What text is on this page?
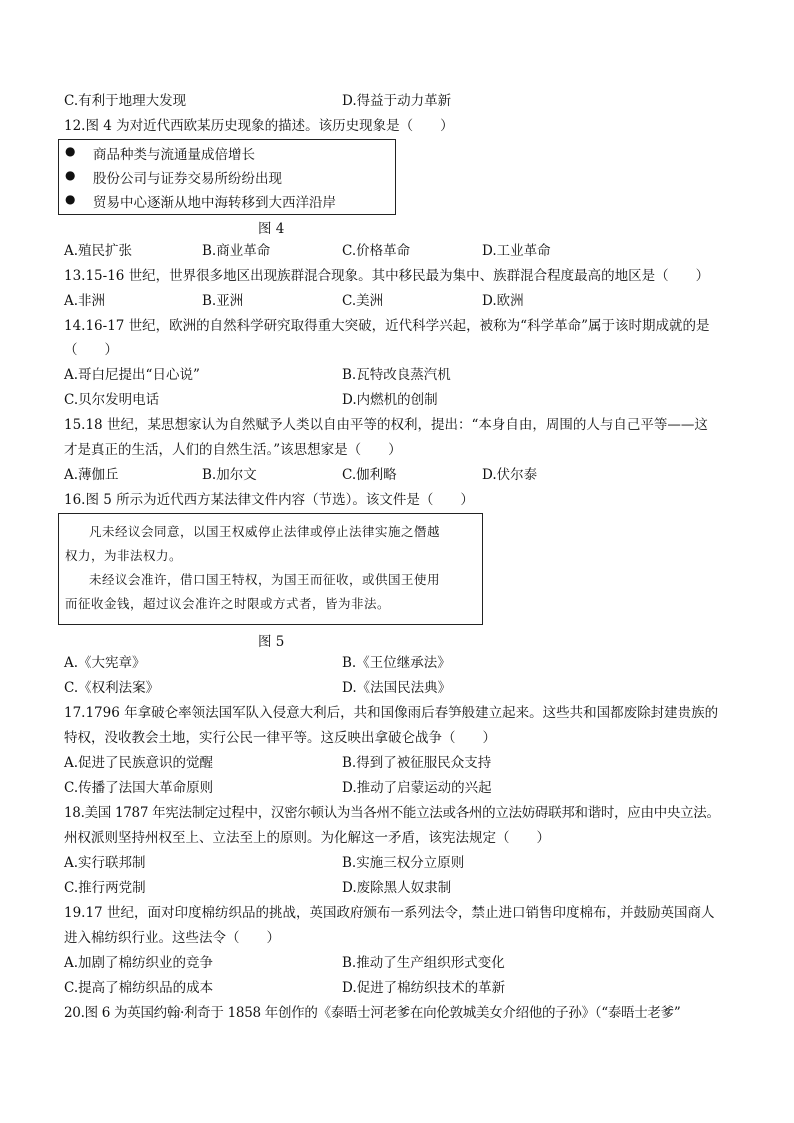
C.有利于地理大发现	D.得益于动力革新
12.图 4 为对近代西欧某历史现象的描述。该历史现象是（　　）
● 商品种类与流通量成倍增长
● 股份公司与证券交易所纷纷出现
● 贸易中心逐渐从地中海转移到大西洋沿岸
图 4
A.殖民扩张	B.商业革命	C.价格革命	D.工业革命
13.15-16 世纪，世界很多地区出现族群混合现象。其中移民最为集中、族群混合程度最高的地区是（　　）
A.非洲	B.亚洲	C.美洲	D.欧洲
14.16-17 世纪，欧洲的自然科学研究取得重大突破，近代科学兴起，被称为“科学革命”属于该时期成就的是
（　　）
A.哥白尼提出“日心说”	B.瓦特改良蒸汽机
C.贝尔发明电话	D.内燃机的创制
15.18 世纪，某思想家认为自然赋予人类以自由平等的权利，提出：“本身自由，周围的人与自己平等——这
才是真正的生活，人们的自然生活。”该思想家是（　　）
A.薄伽丘	B.加尔文	C.伽利略	D.伏尔泰
16.图 5 所示为近代西方某法律文件内容（节选）。该文件是（　　）
凡未经议会同意，以国王权威停止法律或停止法律实施之僭越
权力，为非法权力。
未经议会准许，借口国王特权，为国王而征收，或供国王使用
而征收金钱，超过议会准许之时限或方式者，皆为非法。
图 5
A.《大宪章》	B.《王位继承法》
C.《权利法案》	D.《法国民法典》
17.1796 年拿破仑率领法国军队入侵意大利后，共和国像雨后春笋般建立起来。这些共和国都废除封建贵族的
特权，没收教会土地，实行公民一律平等。这反映出拿破仑战争（　　）
A.促进了民族意识的觉醒	B.得到了被征服民众支持
C.传播了法国大革命原则	D.推动了启蒙运动的兴起
18.美国 1787 年宪法制定过程中，汉密尔顿认为当各州不能立法或各州的立法妨碍联邦和谐时，应由中央立法。
州权派则坚持州权至上、立法至上的原则。为化解这一矛盾，该宪法规定（　　）
A.实行联邦制	B.实施三权分立原则
C.推行两党制	D.废除黑人奴隶制
19.17 世纪，面对印度棉纺织品的挑战，英国政府颁布一系列法令，禁止进口销售印度棉布，并鼓励英国商人
进入棉纺织行业。这些法令（　　）
A.加剧了棉纺织业的竞争	B.推动了生产组织形式变化
C.提高了棉纺织品的成本	D.促进了棉纺织技术的革新
20.图 6 为英国约翰·利奇于 1858 年创作的《泰晤士河老爹在向伦敦城美女介绍他的子孙》（“泰晤士老爹”
